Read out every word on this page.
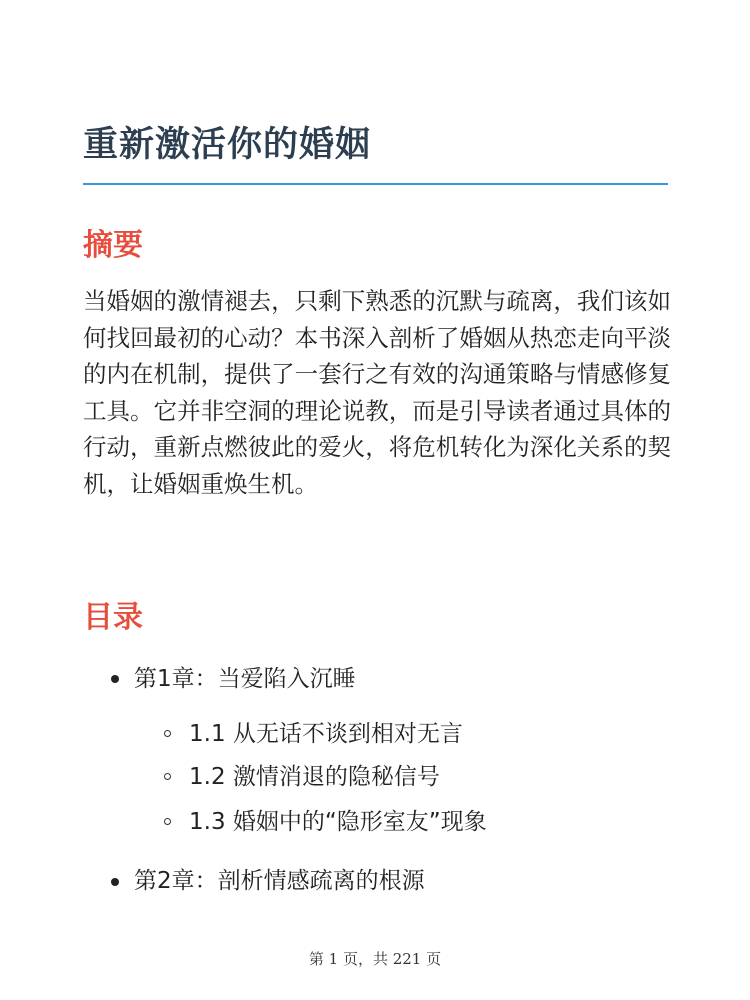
重新激活你的婚姻
摘要

当婚姻的激情褪去，只剩下熟悉的沉默与疏离，我们该如何找回最初的心动？本书深入剖析了婚姻从热恋走向平淡的内在机制，提供了一套行之有效的沟通策略与情感修复工具。它并非空洞的理论说教，而是引导读者通过具体的行动，重新点燃彼此的爱火，将危机转化为深化关系的契机，让婚姻重焕生机。

目录
第1章：当爱陷入沉睡
1.1 从无话不谈到相对无言
1.2 激情消退的隐秘信号
1.3 婚姻中的“隐形室友”现象
第2章：剖析情感疏离的根源
第 1 页，共 221 页
